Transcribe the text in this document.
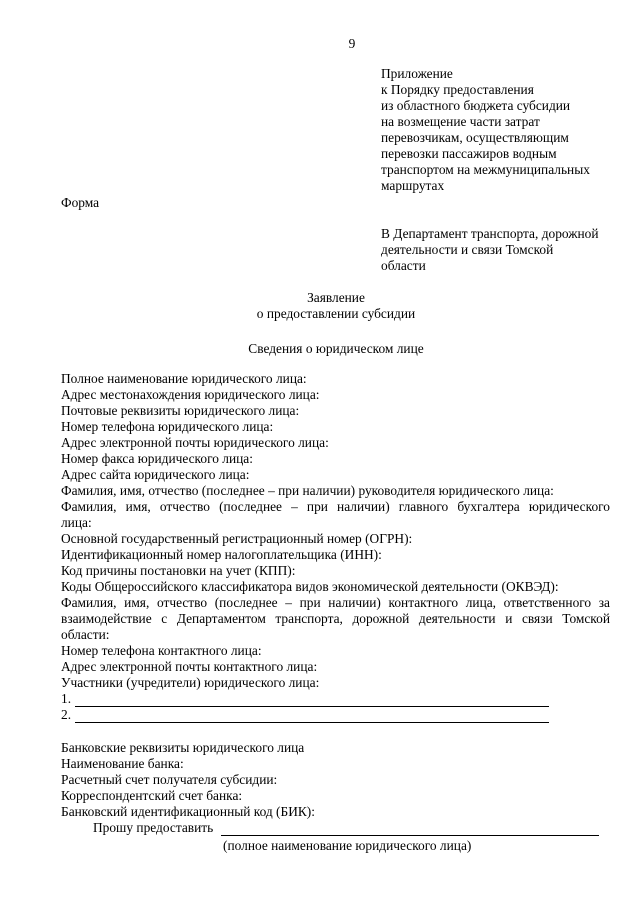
9
Приложение
к Порядку предоставления
из областного бюджета субсидии
на возмещение части затрат
перевозчикам, осуществляющим
перевозки пассажиров водным
транспортом на межмуниципальных
маршрутах
Форма
В Департамент транспорта, дорожной
деятельности и связи Томской
области
Заявление
о предоставлении субсидии
Сведения о юридическом лице
Полное наименование юридического лица:
Адрес местонахождения юридического лица:
Почтовые реквизиты юридического лица:
Номер телефона юридического лица:
Адрес электронной почты юридического лица:
Номер факса юридического лица:
Адрес сайта юридического лица:
Фамилия, имя, отчество (последнее – при наличии) руководителя юридического лица:
Фамилия, имя, отчество (последнее – при наличии) главного бухгалтера юридического
лица:
Основной государственный регистрационный номер (ОГРН):
Идентификационный номер налогоплательщика (ИНН):
Код причины постановки на учет (КПП):
Коды Общероссийского классификатора видов экономической деятельности (ОКВЭД):
Фамилия, имя, отчество (последнее – при наличии) контактного лица, ответственного за
взаимодействие с Департаментом транспорта, дорожной деятельности и связи Томской
области:
Номер телефона контактного лица:
Адрес электронной почты контактного лица:
Участники (учредители) юридического лица:
1.
2.
Банковские реквизиты юридического лица
Наименование банка:
Расчетный счет получателя субсидии:
Корреспондентский счет банка:
Банковский идентификационный код (БИК):
Прошу предоставить
(полное наименование юридического лица)
